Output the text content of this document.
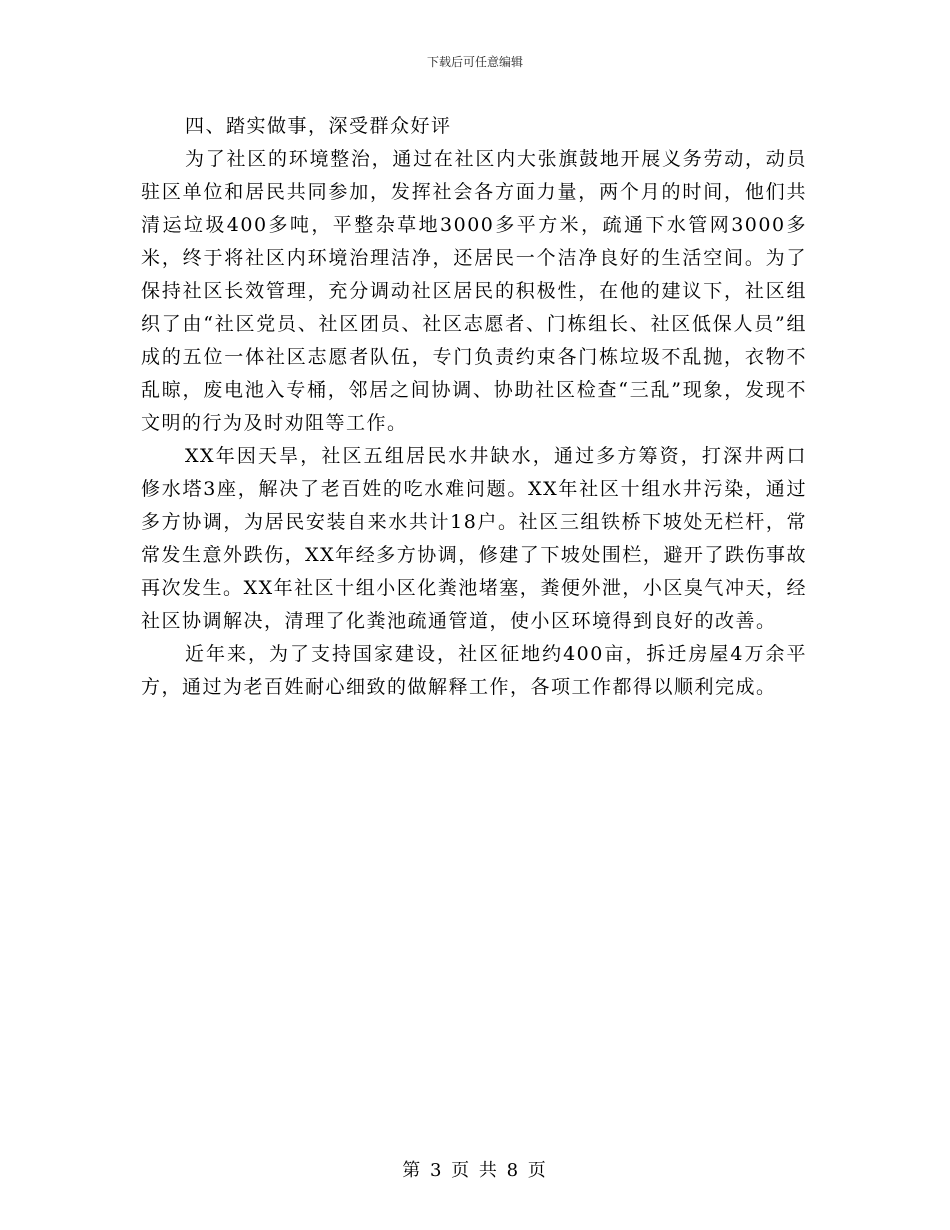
下载后可任意编辑

四、踏实做事，深受群众好评

为了社区的环境整治，通过在社区内大张旗鼓地开展义务劳动，动员驻区单位和居民共同参加，发挥社会各方面力量，两个月的时间，他们共清运垃圾400多吨，平整杂草地3000多平方米，疏通下水管网3000多米，终于将社区内环境治理洁净，还居民一个洁净良好的生活空间。为了保持社区长效管理，充分调动社区居民的积极性，在他的建议下，社区组织了由“社区党员、社区团员、社区志愿者、门栋组长、社区低保人员”组成的五位一体社区志愿者队伍，专门负责约束各门栋垃圾不乱抛，衣物不乱晾，废电池入专桶，邻居之间协调、协助社区检查“三乱”现象，发现不文明的行为及时劝阻等工作。

XX年因天旱，社区五组居民水井缺水，通过多方筹资，打深井两口修水塔3座，解决了老百姓的吃水难问题。XX年社区十组水井污染，通过多方协调，为居民安装自来水共计18户。社区三组铁桥下坡处无栏杆，常常发生意外跌伤，XX年经多方协调，修建了下坡处围栏，避开了跌伤事故再次发生。XX年社区十组小区化粪池堵塞，粪便外泄，小区臭气冲天，经社区协调解决，清理了化粪池疏通管道，使小区环境得到良好的改善。

近年来，为了支持国家建设，社区征地约400亩，拆迁房屋4万余平方，通过为老百姓耐心细致的做解释工作，各项工作都得以顺利完成。

第 3 页 共 8 页
